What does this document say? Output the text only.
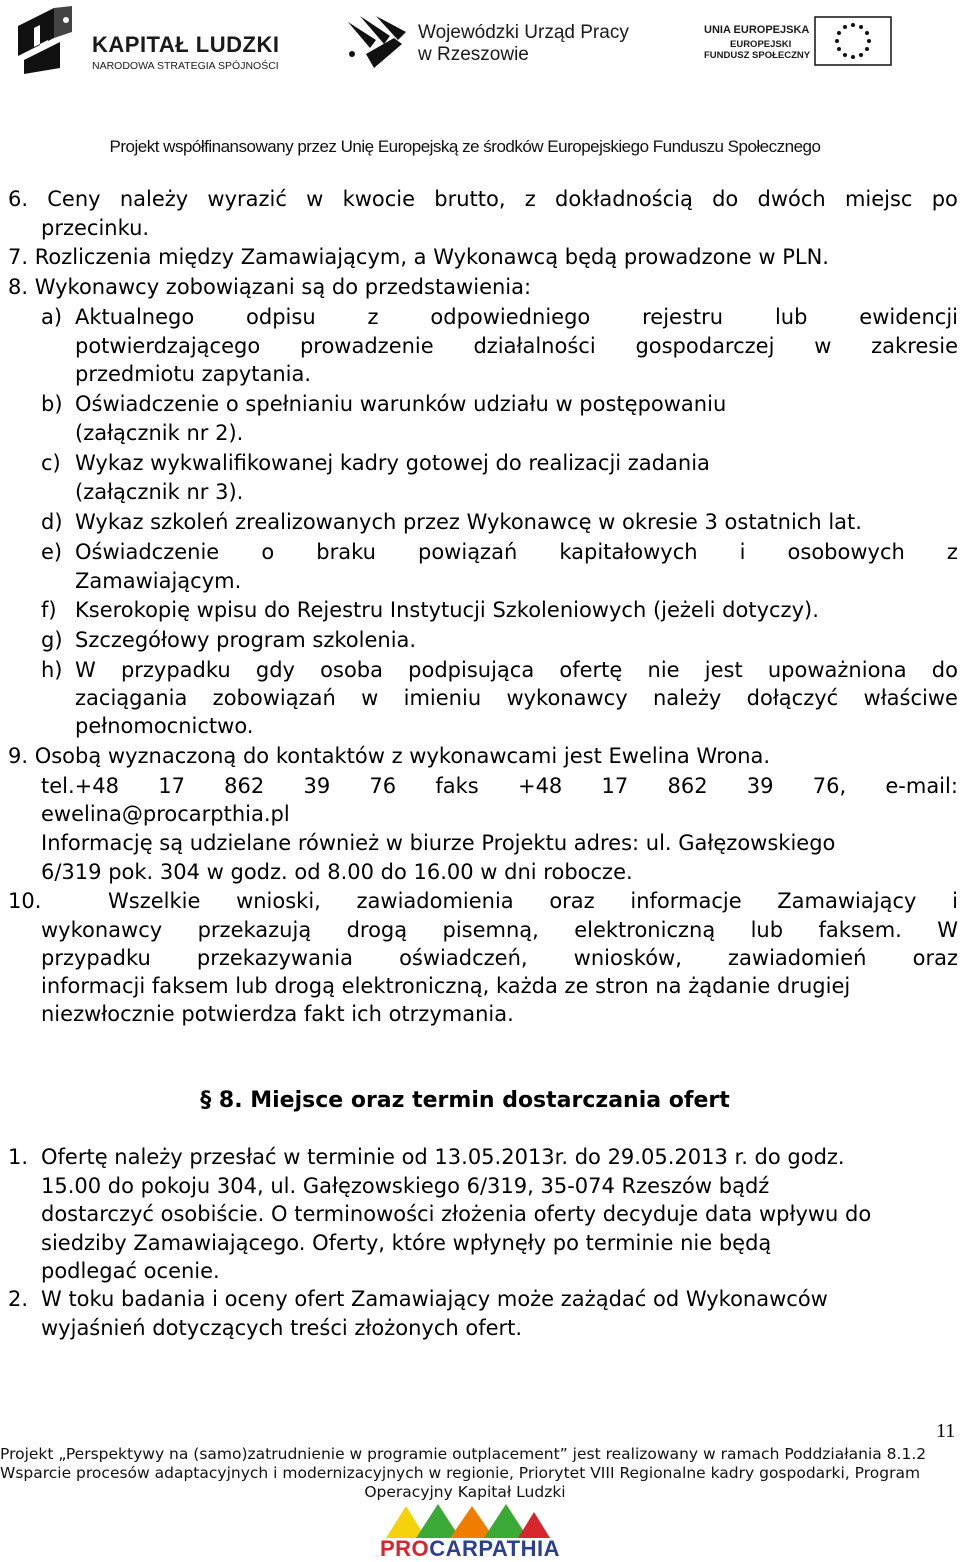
KAPITAŁ LUDZKI
NARODOWA STRATEGIA SPÓJNOŚCI
Wojewódzki Urząd Pracy
w Rzeszowie
UNIA EUROPEJSKA
EUROPEJSKI
FUNDUSZ SPOŁECZNY
Projekt współfinansowany przez Unię Europejską ze środków Europejskiego Funduszu Społecznego
6. Ceny należy wyrazić w kwocie brutto, z dokładnością do dwóch miejsc po
przecinku.
7. Rozliczenia między Zamawiającym, a Wykonawcą będą prowadzone w PLN.
8. Wykonawcy zobowiązani są do przedstawienia:
a) Aktualnego odpisu z odpowiedniego rejestru lub ewidencji
potwierdzającego prowadzenie działalności gospodarczej w zakresie
przedmiotu zapytania.
b) Oświadczenie o spełnianiu warunków udziału w postępowaniu
(załącznik nr 2).
c) Wykaz wykwalifikowanej kadry gotowej do realizacji zadania
(załącznik nr 3).
d) Wykaz szkoleń zrealizowanych przez Wykonawcę w okresie 3 ostatnich lat.
e) Oświadczenie o braku powiązań kapitałowych i osobowych z
Zamawiającym.
f) Kserokopię wpisu do Rejestru Instytucji Szkoleniowych (jeżeli dotyczy).
g) Szczegółowy program szkolenia.
h) W przypadku gdy osoba podpisująca ofertę nie jest upoważniona do
zaciągania zobowiązań w imieniu wykonawcy należy dołączyć właściwe
pełnomocnictwo.
9. Osobą wyznaczoną do kontaktów z wykonawcami jest Ewelina Wrona.
tel.+48 17 862 39 76 faks +48 17 862 39 76, e-mail:
ewelina@procarpthia.pl
Informację są udzielane również w biurze Projektu adres: ul. Gałęzowskiego
6/319 pok. 304 w godz. od 8.00 do 16.00 w dni robocze.
10.	Wszelkie wnioski, zawiadomienia oraz informacje Zamawiający i
wykonawcy przekazują drogą pisemną, elektroniczną lub faksem. W
przypadku przekazywania oświadczeń, wniosków, zawiadomień oraz
informacji faksem lub drogą elektroniczną, każda ze stron na żądanie drugiej
niezwłocznie potwierdza fakt ich otrzymania.
§ 8. Miejsce oraz termin dostarczania ofert
1. Ofertę należy przesłać w terminie od 13.05.2013r. do 29.05.2013 r. do godz.
15.00 do pokoju 304, ul. Gałęzowskiego 6/319, 35-074 Rzeszów bądź
dostarczyć osobiście. O terminowości złożenia oferty decyduje data wpływu do
siedziby Zamawiającego. Oferty, które wpłynęły po terminie nie będą
podlegać ocenie.
2. W toku badania i oceny ofert Zamawiający może zażądać od Wykonawców
wyjaśnień dotyczących treści złożonych ofert.
11
Projekt „Perspektywy na (samo)zatrudnienie w programie outplacement” jest realizowany w ramach Poddziałania 8.1.2
Wsparcie procesów adaptacyjnych i modernizacyjnych w regionie, Priorytet VIII Regionalne kadry gospodarki, Program
Operacyjny Kapitał Ludzki
PROCARPATHIA
